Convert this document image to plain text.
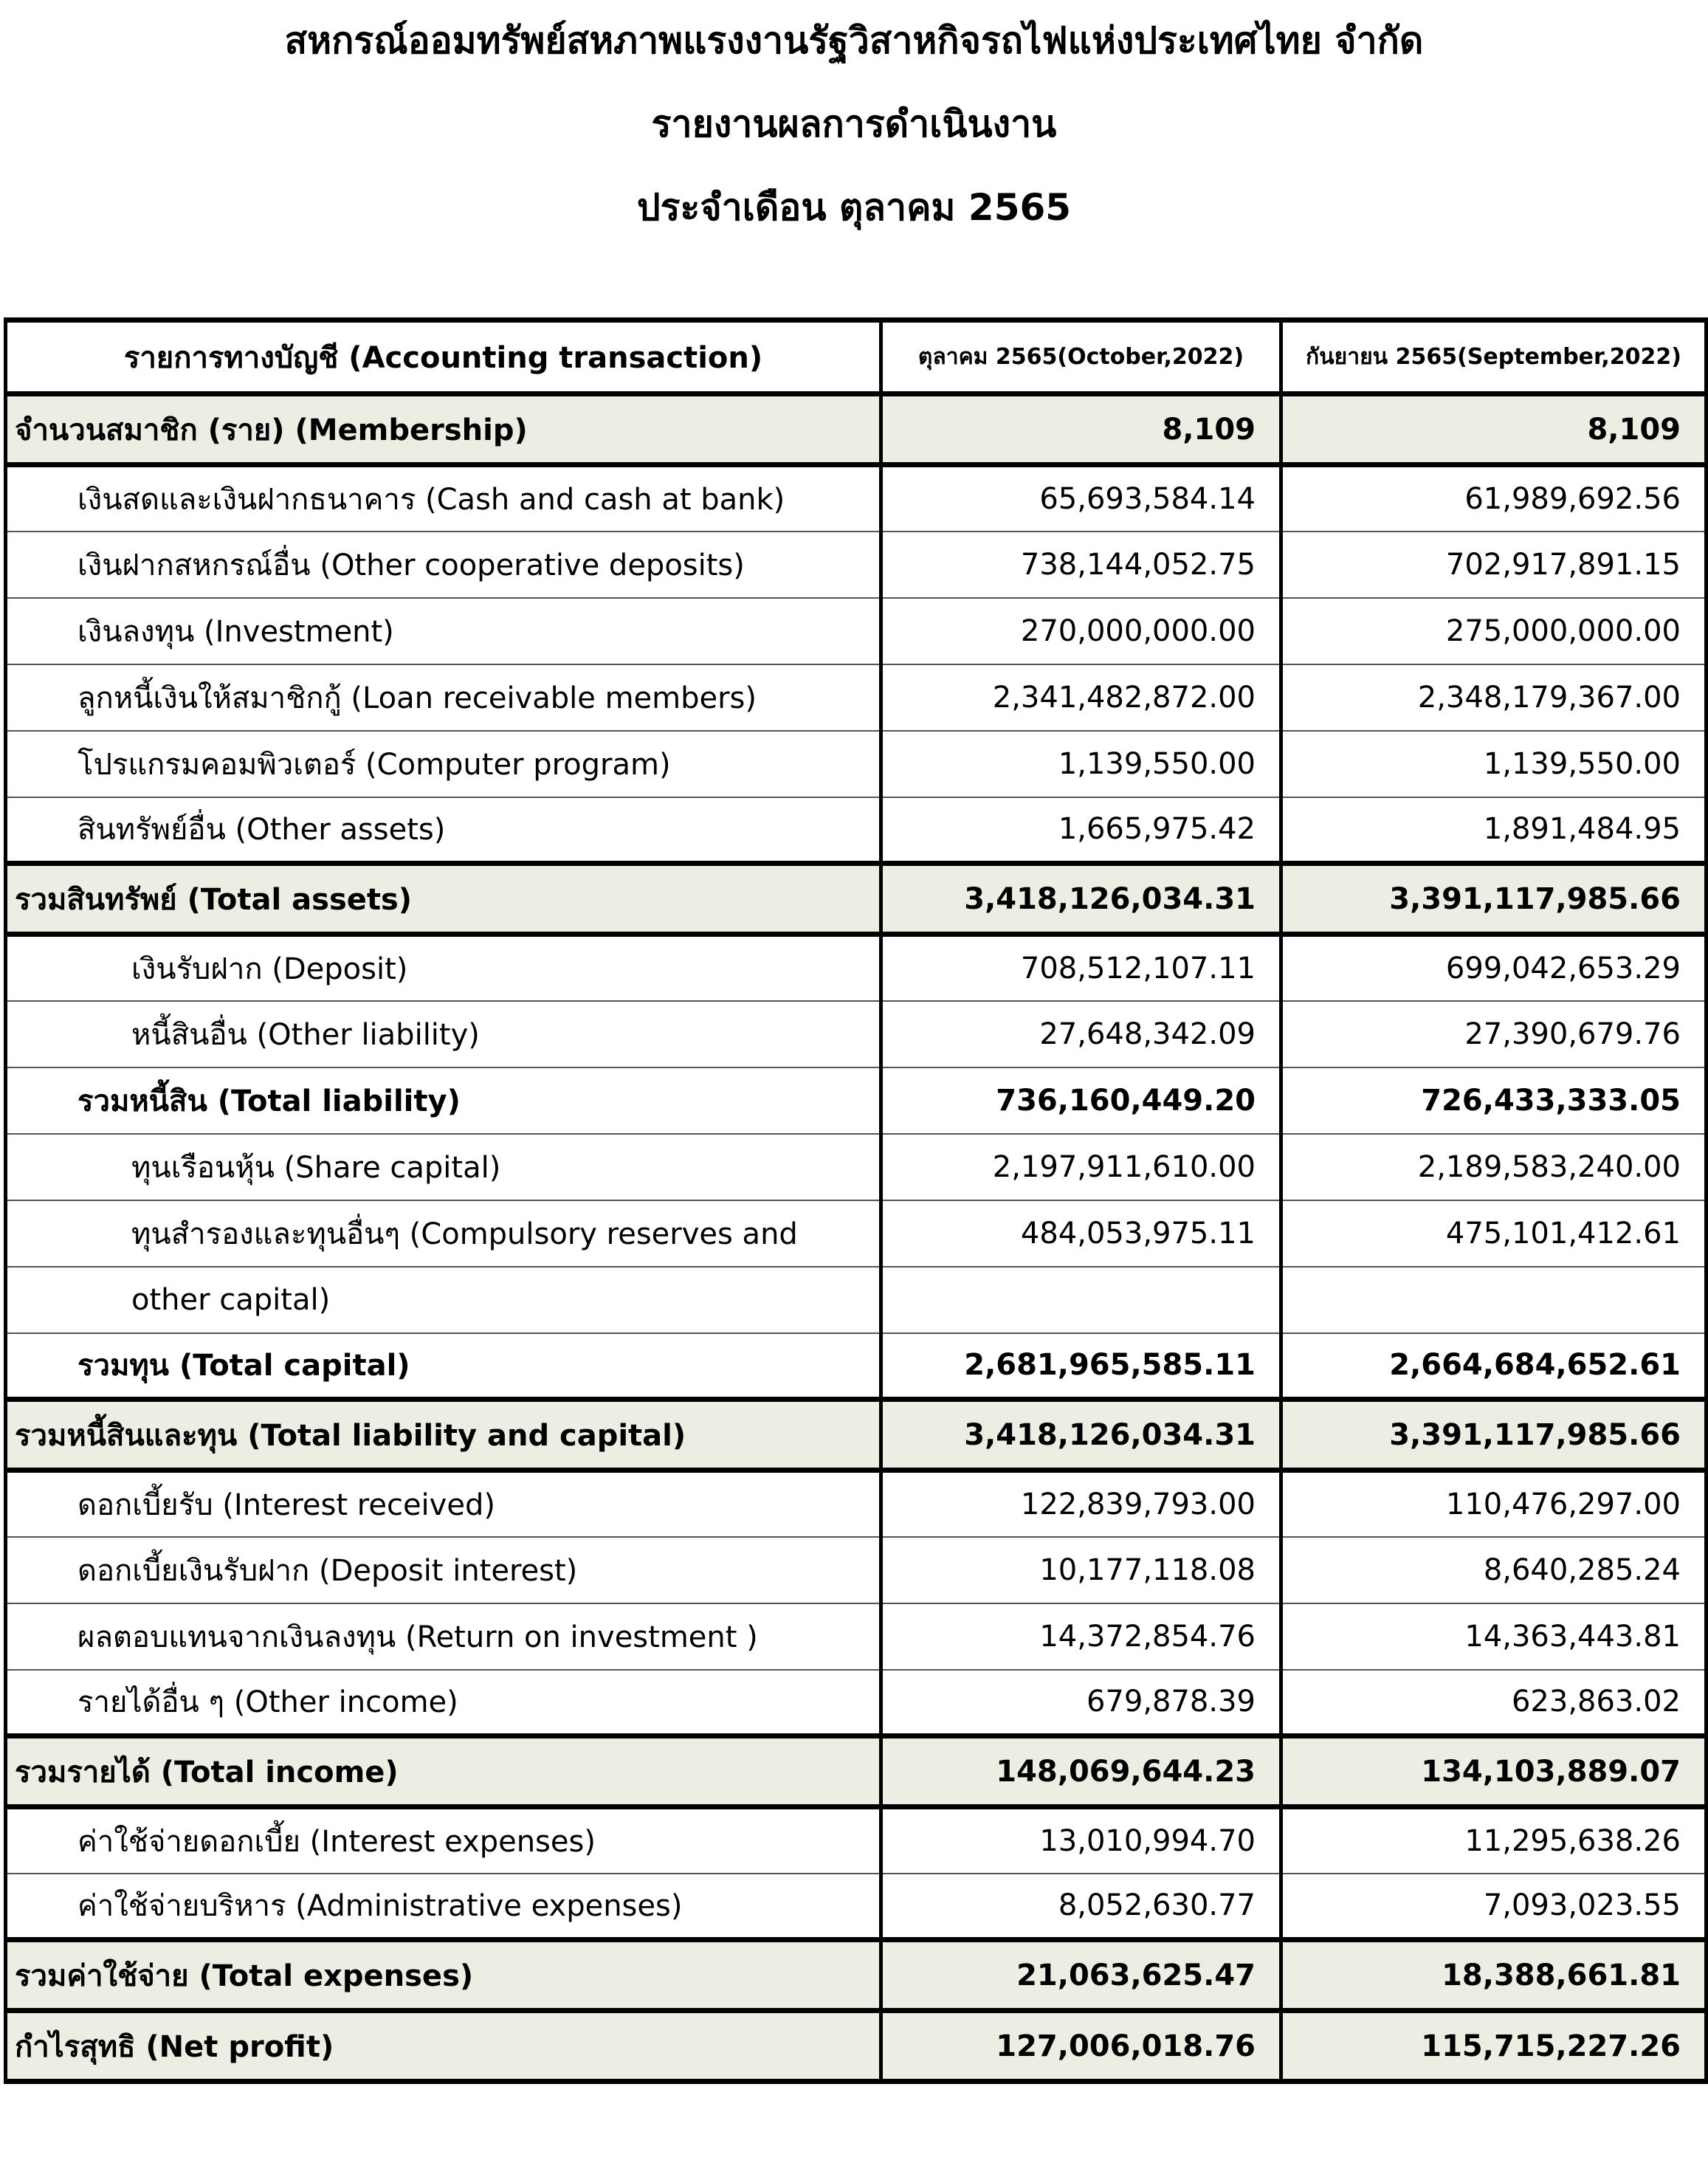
สหกรณ์ออมทรัพย์สหภาพแรงงานรัฐวิสาหกิจรถไฟแห่งประเทศไทย จำกัด
รายงานผลการดำเนินงาน
ประจำเดือน ตุลาคม 2565
รายการทางบัญชี (Accounting transaction)	ตุลาคม 2565(October,2022)	กันยายน 2565(September,2022)
จำนวนสมาชิก (ราย) (Membership)	8,109	8,109
เงินสดและเงินฝากธนาคาร (Cash and cash at bank)	65,693,584.14	61,989,692.56
เงินฝากสหกรณ์อื่น (Other cooperative deposits)	738,144,052.75	702,917,891.15
เงินลงทุน (Investment)	270,000,000.00	275,000,000.00
ลูกหนี้เงินให้สมาชิกกู้ (Loan receivable members)	2,341,482,872.00	2,348,179,367.00
โปรแกรมคอมพิวเตอร์ (Computer program)	1,139,550.00	1,139,550.00
สินทรัพย์อื่น (Other assets)	1,665,975.42	1,891,484.95
รวมสินทรัพย์ (Total assets)	3,418,126,034.31	3,391,117,985.66
เงินรับฝาก (Deposit)	708,512,107.11	699,042,653.29
หนี้สินอื่น (Other liability)	27,648,342.09	27,390,679.76
รวมหนี้สิน (Total liability)	736,160,449.20	726,433,333.05
ทุนเรือนหุ้น (Share capital)	2,197,911,610.00	2,189,583,240.00
ทุนสำรองและทุนอื่นๆ (Compulsory reserves and	484,053,975.11	475,101,412.61
other capital)		
รวมทุน (Total capital)	2,681,965,585.11	2,664,684,652.61
รวมหนี้สินและทุน (Total liability and capital)	3,418,126,034.31	3,391,117,985.66
ดอกเบี้ยรับ (Interest received)	122,839,793.00	110,476,297.00
ดอกเบี้ยเงินรับฝาก (Deposit interest)	10,177,118.08	8,640,285.24
ผลตอบแทนจากเงินลงทุน (Return on investment )	14,372,854.76	14,363,443.81
รายได้อื่น ๆ (Other income)	679,878.39	623,863.02
รวมรายได้ (Total income)	148,069,644.23	134,103,889.07
ค่าใช้จ่ายดอกเบี้ย (Interest expenses)	13,010,994.70	11,295,638.26
ค่าใช้จ่ายบริหาร (Administrative expenses)	8,052,630.77	7,093,023.55
รวมค่าใช้จ่าย (Total expenses)	21,063,625.47	18,388,661.81
กำไรสุทธิ (Net profit)	127,006,018.76	115,715,227.26
